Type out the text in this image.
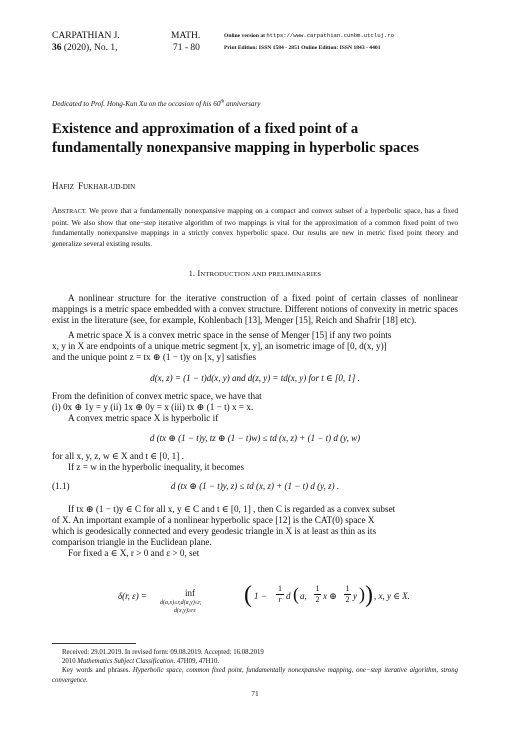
CARPATHIAN J.	MATH.
36 (2020), No. 1,	71 - 80
Online version at https://www.carpathian.cunbm.utcluj.ro
Print Edition: ISSN 1584 - 2851 Online Edition: ISSN 1843 - 4401
Dedicated to Prof. Hong-Kun Xu on the occasion of his 60th anniversary
Existence and approximation of a fixed point of a
fundamentally nonexpansive mapping in hyperbolic spaces
HAFIZ FUKHAR-UD-DIN
ABSTRACT. We prove that a fundamentally nonexpansive mapping on a compact and convex subset of a hyperbolic space, has a fixed point. We also show that one−step iterative algorithm of two mappings is vital for the approximation of a common fixed point of two fundamentally nonexpansive mappings in a strictly convex hyperbolic space. Our results are new in metric fixed point theory and generalize several existing results.
1. INTRODUCTION AND PRELIMINARIES
A nonlinear structure for the iterative construction of a fixed point of certain classes of nonlinear mappings is a metric space embedded with a convex structure. Different notions of convexity in metric spaces exist in the literature (see, for example, Kohlenbach [13], Menger [15], Reich and Shafrir [18] etc).
A metric space X is a convex metric space in the sense of Menger [15] if any two points
x, y in X are endpoints of a unique metric segment [x, y], an isometric image of [0, d(x, y)]
and the unique point z = tx ⊕ (1 − t)y on [x, y] satisfies
d(x, z) = (1 − t)d(x, y) and d(z, y) = td(x, y) for t ∈ [0, 1] .
From the definition of convex metric space, we have that
(i) 0x ⊕ 1y = y (ii) 1x ⊕ 0y = x (iii) tx ⊕ (1 − t) x = x.
A convex metric space X is hyperbolic if
d (tx ⊕ (1 − t)y, tz ⊕ (1 − t)w) ≤ td (x, z) + (1 − t) d (y, w)
for all x, y, z, w ∈ X and t ∈ [0, 1] .
If z = w in the hyperbolic inequality, it becomes
(1.1)	d (tx ⊕ (1 − t)y, z) ≤ td (x, z) + (1 − t) d (y, z) .
If tx ⊕ (1 − t)y ∈ C for all x, y ∈ C and t ∈ [0, 1] , then C is regarded as a convex subset
of X. An important example of a nonlinear hyperbolic space [12] is the CAT(0) space X
which is geodesically connected and every geodesic triangle in X is at least as thin as its
comparison triangle in the Euclidean plane.
For fixed a ∈ X, r > 0 and ε > 0, set
δ(r, ε) =	inf
d(a,x)≤r,d(a,y)≤r,
d(x,y)≥rε
( 1 −
1
r d ( a,
1
2 x ⊕
1
2 y ) ) , x, y ∈ X.
Received: 29.01.2019. In revised form: 09.08.2019. Accepted: 16.08.2019
2010 Mathematics Subject Classification. 47H09, 47H10.
Key words and phrases. Hyperbolic space, common fixed point, fundamentally nonexpansive mapping, one−step iterative algorithm, strong convergence.
71
